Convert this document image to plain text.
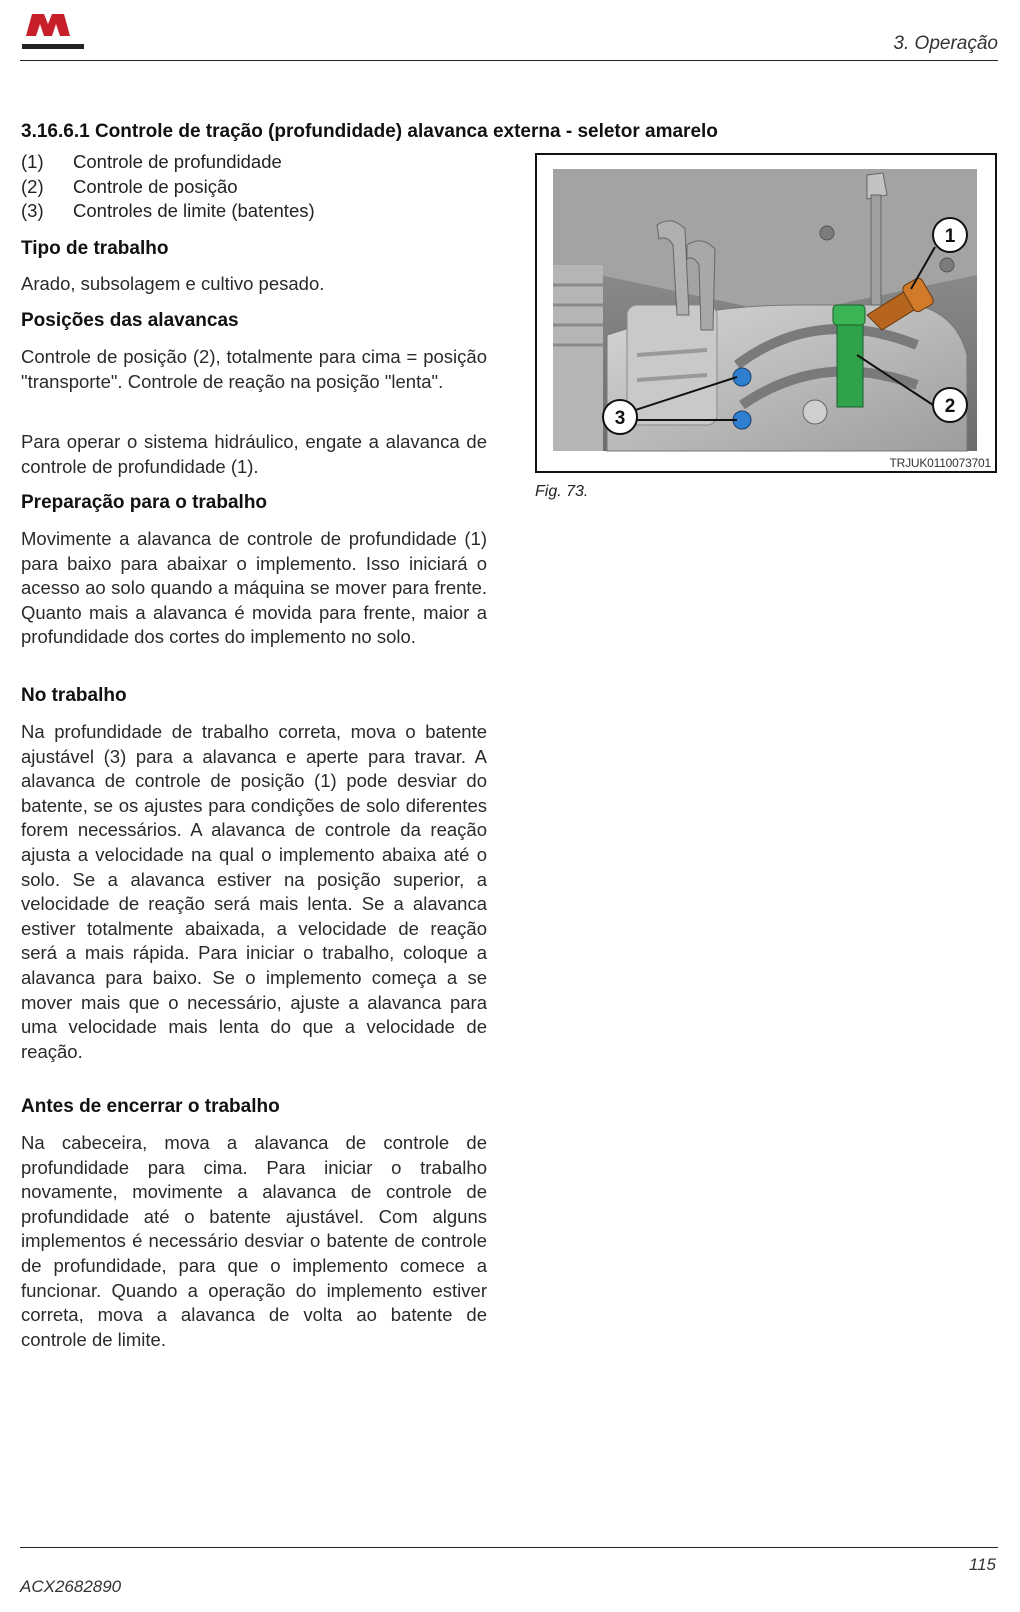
3. Operação
3.16.6.1 Controle de tração (profundidade) alavanca externa - seletor amarelo
(1)	Controle de profundidade
(2)	Controle de posição
(3)	Controles de limite (batentes)
Tipo de trabalho

Arado, subsolagem e cultivo pesado.

Posições das alavancas

Controle de posição (2), totalmente para cima = posição "transporte". Controle de reação na posição "lenta".

Para operar o sistema hidráulico, engate a alavanca de controle de profundidade (1).

Preparação para o trabalho

Movimente a alavanca de controle de profundidade (1) para baixo para abaixar o implemento. Isso iniciará o acesso ao solo quando a máquina se mover para frente. Quanto mais a alavanca é movida para frente, maior a profundidade dos cortes do implemento no solo.

No trabalho

Na profundidade de trabalho correta, mova o batente ajustável (3) para a alavanca e aperte para travar. A alavanca de controle de posição (1) pode desviar do batente, se os ajustes para condições de solo diferentes forem necessários. A alavanca de controle da reação ajusta a velocidade na qual o implemento abaixa até o solo. Se a alavanca estiver na posição superior, a velocidade de reação será mais lenta. Se a alavanca estiver totalmente abaixada, a velocidade de reação será a mais rápida. Para iniciar o trabalho, coloque a alavanca para baixo. Se o implemento começa a se mover mais que o necessário, ajuste a alavanca para uma velocidade mais lenta do que a velocidade de reação.

Antes de encerrar o trabalho

Na cabeceira, mova a alavanca de controle de profundidade para cima. Para iniciar o trabalho novamente, movimente a alavanca de controle de profundidade até o batente ajustável. Com alguns implementos é necessário desviar o batente de controle de profundidade, para que o implemento comece a funcionar. Quando a operação do implemento estiver correta, mova a alavanca de volta ao batente de controle de limite.

1
2
3
TRJUK0110073701
Fig. 73.
115
ACX2682890
